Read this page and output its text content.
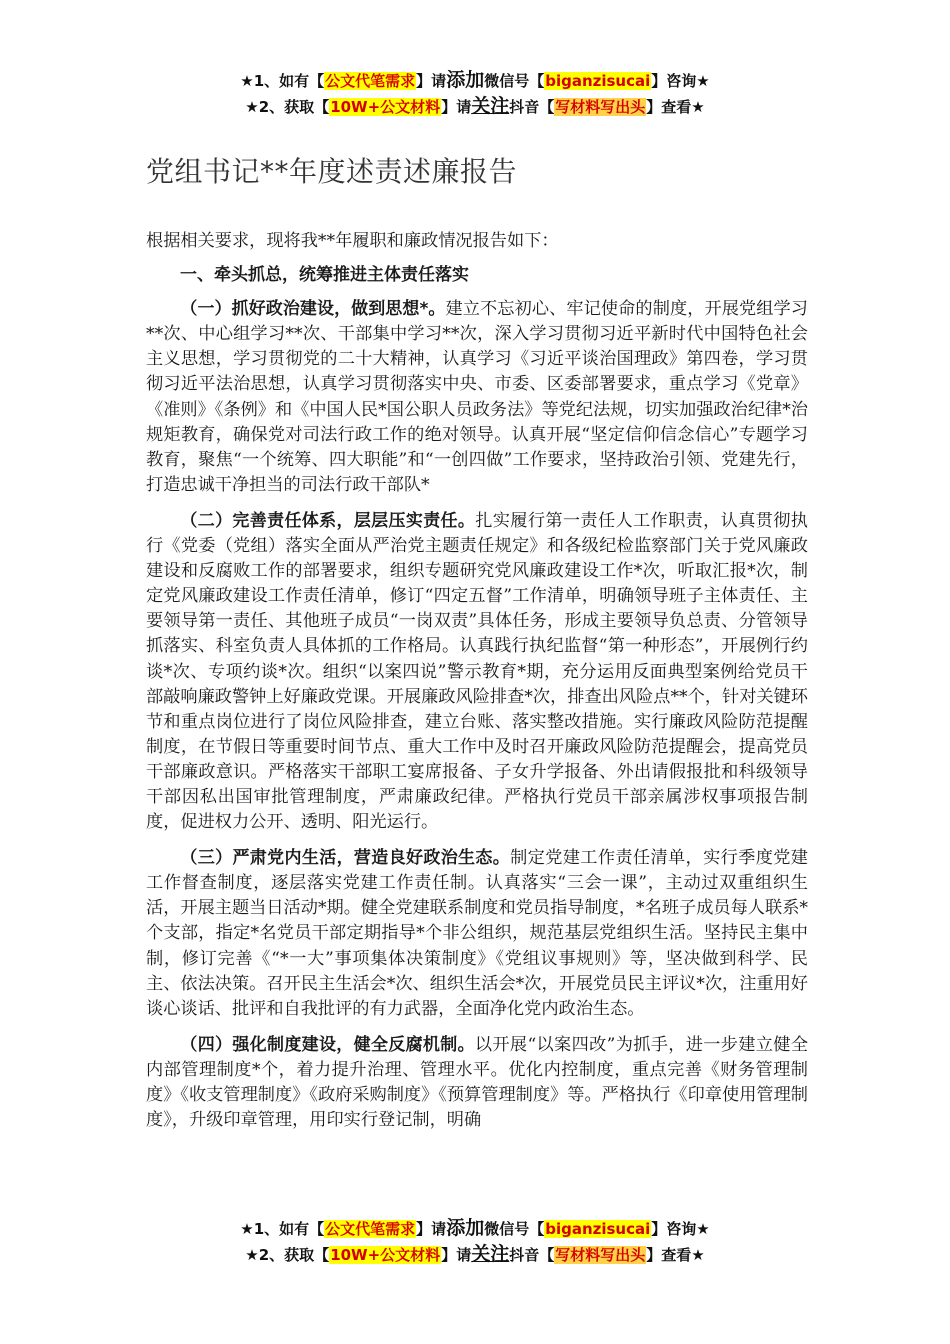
★1、如有【公文代笔需求】请添加微信号【biganzisucai】咨询★
★2、获取【10W+公文材料】请关注抖音【写材料写出头】查看★
党组书记**年度述责述廉报告

根据相关要求，现将我**年履职和廉政情况报告如下：

一、牵头抓总，统筹推进主体责任落实

（一）抓好政治建设，做到思想*。建立不忘初心、牢记使命的制度，开展党组学习**次、中心组学习**次、干部集中学习**次，深入学习贯彻习近平新时代中国特色社会主义思想，学习贯彻党的二十大精神，认真学习《习近平谈治国理政》第四卷，学习贯彻习近平法治思想，认真学习贯彻落实中央、市委、区委部署要求，重点学习《党章》《准则》《条例》和《中国人民*国公职人员政务法》等党纪法规，切实加强政治纪律*治规矩教育，确保党对司法行政工作的绝对领导。认真开展“坚定信仰信念信心”专题学习教育，聚焦“一个统筹、四大职能”和“一创四做”工作要求，坚持政治引领、党建先行，打造忠诚干净担当的司法行政干部队*

（二）完善责任体系，层层压实责任。扎实履行第一责任人工作职责，认真贯彻执行《党委（党组）落实全面从严治党主题责任规定》和各级纪检监察部门关于党风廉政建设和反腐败工作的部署要求，组织专题研究党风廉政建设工作*次，听取汇报*次，制定党风廉政建设工作责任清单，修订“四定五督”工作清单，明确领导班子主体责任、主要领导第一责任、其他班子成员“一岗双责”具体任务，形成主要领导负总责、分管领导抓落实、科室负责人具体抓的工作格局。认真践行执纪监督“第一种形态”，开展例行约谈*次、专项约谈*次。组织“以案四说”警示教育*期，充分运用反面典型案例给党员干部敲响廉政警钟上好廉政党课。开展廉政风险排查*次，排查出风险点**个，针对关键环节和重点岗位进行了岗位风险排查，建立台账、落实整改措施。实行廉政风险防范提醒制度，在节假日等重要时间节点、重大工作中及时召开廉政风险防范提醒会，提高党员干部廉政意识。严格落实干部职工宴席报备、子女升学报备、外出请假报批和科级领导干部因私出国审批管理制度，严肃廉政纪律。严格执行党员干部亲属涉权事项报告制度，促进权力公开、透明、阳光运行。

（三）严肃党内生活，营造良好政治生态。制定党建工作责任清单，实行季度党建工作督查制度，逐层落实党建工作责任制。认真落实“三会一课”，主动过双重组织生活，开展主题当日活动*期。健全党建联系制度和党员指导制度，*名班子成员每人联系*个支部，指定*名党员干部定期指导*个非公组织，规范基层党组织生活。坚持民主集中制，修订完善《“*一大”事项集体决策制度》《党组议事规则》等，坚决做到科学、民主、依法决策。召开民主生活会*次、组织生活会*次，开展党员民主评议*次，注重用好谈心谈话、批评和自我批评的有力武器，全面净化党内政治生态。

（四）强化制度建设，健全反腐机制。以开展“以案四改”为抓手，进一步建立健全内部管理制度*个，着力提升治理、管理水平。优化内控制度，重点完善《财务管理制度》《收支管理制度》《政府采购制度》《预算管理制度》等。严格执行《印章使用管理制度》，升级印章管理，用印实行登记制，明确

★1、如有【公文代笔需求】请添加微信号【biganzisucai】咨询★
★2、获取【10W+公文材料】请关注抖音【写材料写出头】查看★
